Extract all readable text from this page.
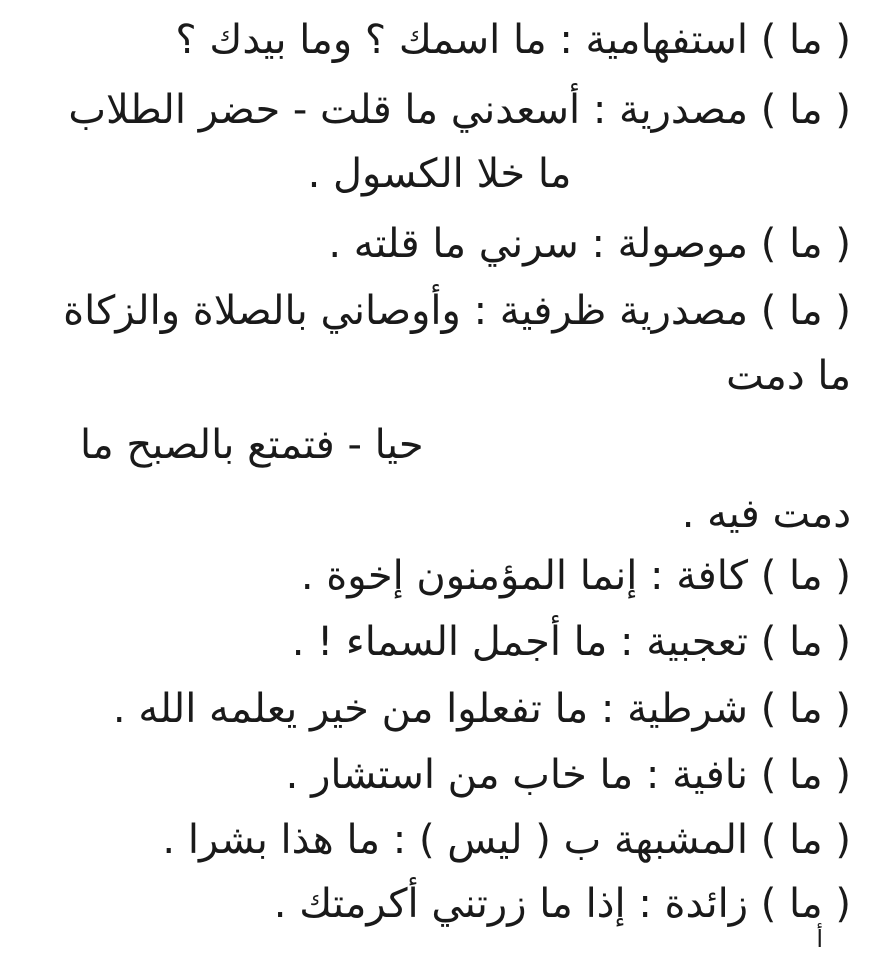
( ما ) استفهامية : ما اسمك ؟ وما بيدك ؟
( ما ) مصدرية : أسعدني ما قلت - حضر الطلاب
ما خلا الكسول .
( ما ) موصولة : سرني ما قلته .
( ما ) مصدرية ظرفية : وأوصاني بالصلاة والزكاة
ما دمت
حيا - فتمتع بالصبح ما
دمت فيه .
( ما ) كافة : إنما المؤمنون إخوة .
( ما ) تعجبية : ما أجمل السماء ! .
( ما ) شرطية : ما تفعلوا من خير يعلمه الله .
( ما ) نافية : ما خاب من استشار .
( ما ) المشبهة ب ( ليس ) : ما هذا بشرا .
( ما ) زائدة : إذا ما زرتني أكرمتك .
أ
